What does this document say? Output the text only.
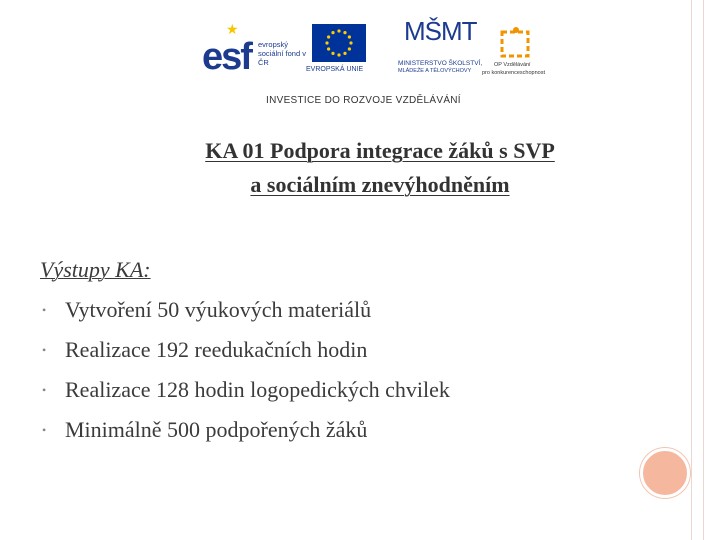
★
esf evropský sociální fond v ČR
EVROPSKÁ UNIE
MŠMT
MINISTERSTVO ŠKOLSTVÍ,
MLÁDEŽE A TĚLOVÝCHOVY
OP Vzdělávání
pro konkurenceschopnost
INVESTICE DO ROZVOJE VZDĚLÁVÁNÍ
KA 01 Podpora integrace žáků s SVP
a sociálním znevýhodněním
Výstupy KA:
• Vytvoření 50 výukových materiálů
• Realizace 192 reedukačních hodin
• Realizace 128 hodin logopedických chvilek
• Minimálně 500 podpořených žáků
